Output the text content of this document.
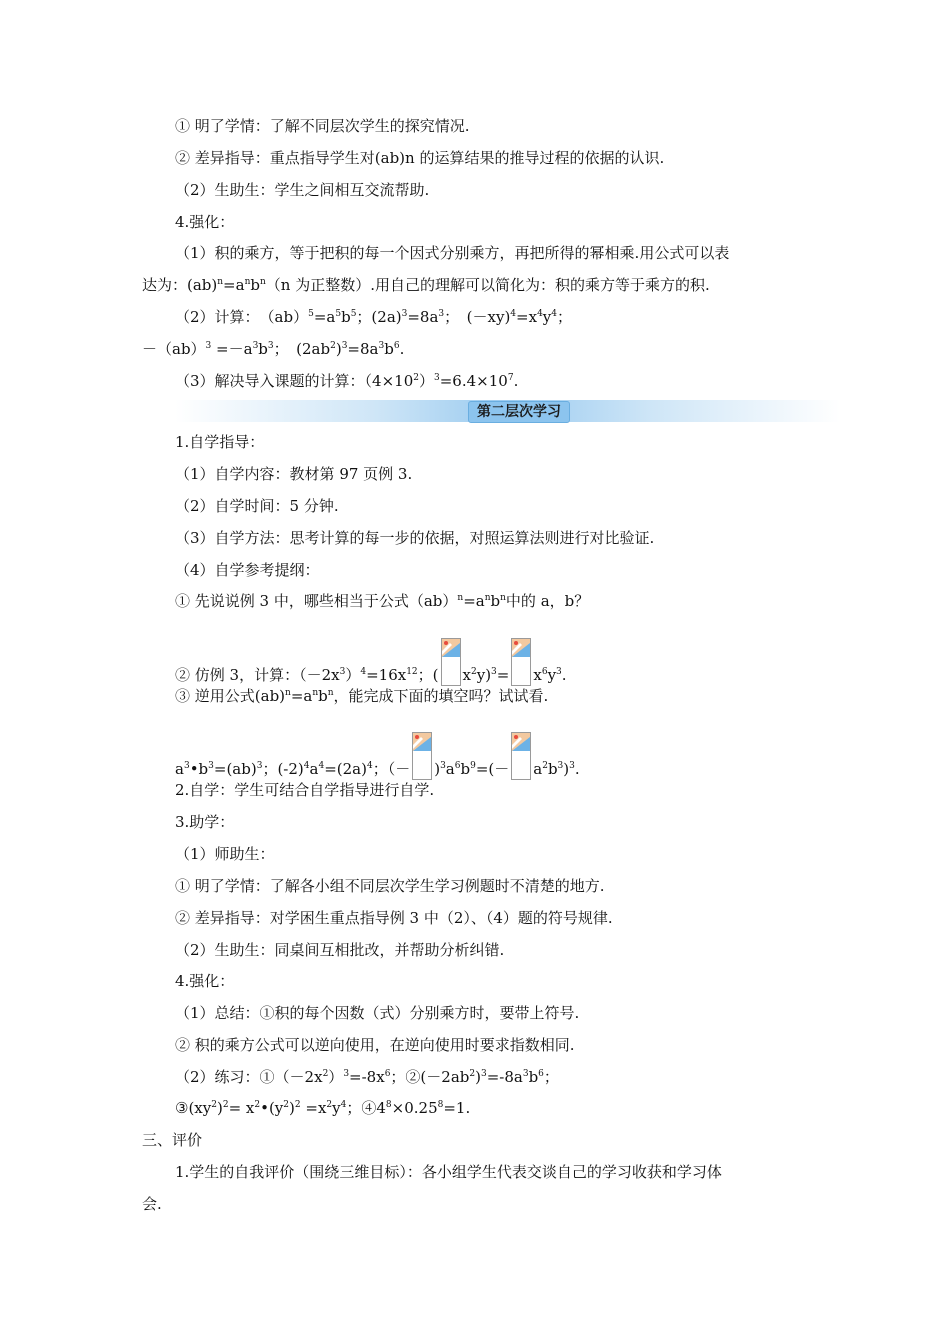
① 明了学情：了解不同层次学生的探究情况.
② 差异指导：重点指导学生对(ab)n 的运算结果的推导过程的依据的认识.
（2）生助生：学生之间相互交流帮助.
4.强化：
（1）积的乘方，等于把积的每一个因式分别乘方，再把所得的幂相乘.用公式可以表
达为：$(ab)^n=a^nb^n(n$ 为正整数）.用自己的理解可以简化为：积的乘方等于乘方的积.
（2）计算：　$(ab)^5=a^5b^5$；$(2a)^3=8a^3$；　$(-xy)^4=x^4y^4$；
$-(ab)^3 =-a^3b^3$；　$(2ab^2)^3=8a^3b^6$.
（3）解决导入课题的计算：$(4\times 10^2)^3=6.4\times 10^7$.
第二层次学习
1.自学指导：
（1）自学内容：教材第 97 页例 3.
（2）自学时间：5 分钟.
（3）自学方法：思考计算的每一步的依据，对照运算法则进行对比验证.
（4）自学参考提纲：
① 先说说例 3 中，哪些相当于公式$(ab)^n=a^nb^n$中的 a，b？
② 仿例 3，计算：$(-2x^3)^4=16x^{12}$；( $x^2y)^3= x^6y^3$.
③ 逆用公式$(ab)^n=a^nb^n$，能完成下面的填空吗？试试看.
$a^3•b^3=(ab)^3$；$(-2)^4a^4=(2a)^4$；（－ )$^3a^6b^9=(- a^2b^3)^3$.
2.自学：学生可结合自学指导进行自学.
3.助学：
（1）师助生：
① 明了学情：了解各小组不同层次学生学习例题时不清楚的地方.
② 差异指导：对学困生重点指导例 3 中（2）、（4）题的符号规律.
（2）生助生：同桌间互相批改，并帮助分析纠错.
4.强化：
（1）总结：①积的每个因数（式）分别乘方时，要带上符号.
② 积的乘方公式可以逆向使用，在逆向使用时要求指数相同.
（2）练习：$①(-2x^2)^3=-8x^6$；$②(-2ab^2)^3=-8a^3b^6$；
$③(xy^2)^2=$ $x^2•(y^2)^2 =x^2y^4$；$④4^8\times 0.25^8=1$.
三、评价
1.学生的自我评价（围绕三维目标）：各小组学生代表交谈自己的学习收获和学习体
会.
